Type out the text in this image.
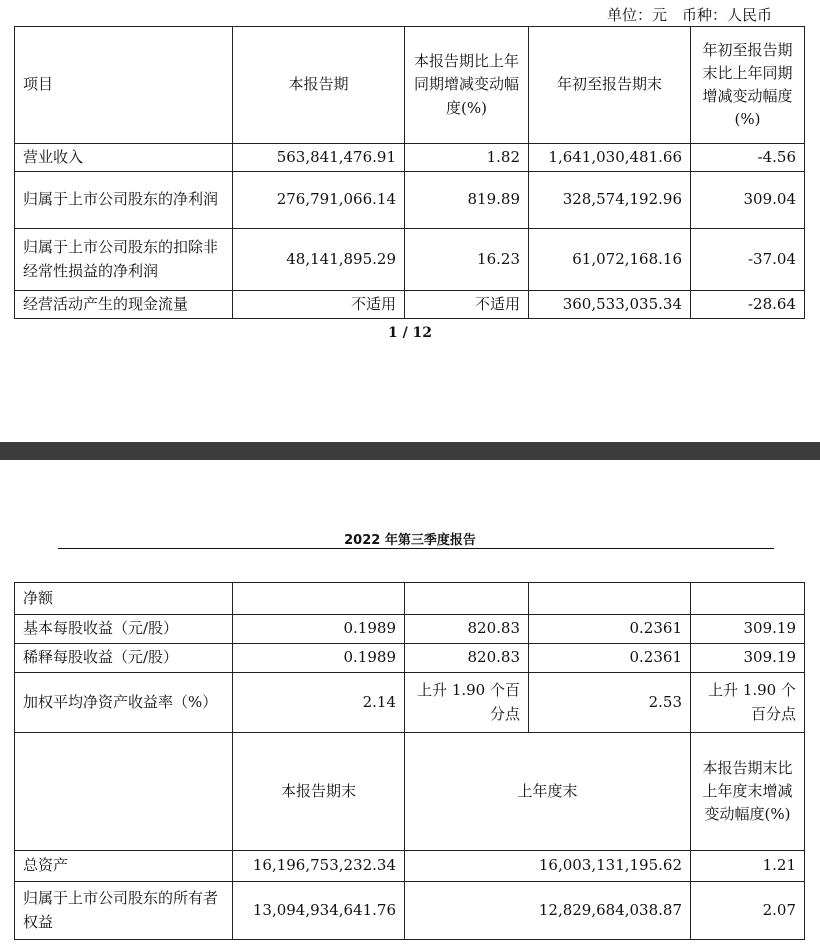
单位：元　币种：人民币
项目	本报告期	本报告期比上年同期增减变动幅度(%)	年初至报告期末	年初至报告期末比上年同期增减变动幅度(%)
营业收入	563,841,476.91	1.82	1,641,030,481.66	-4.56
归属于上市公司股东的净利润	276,791,066.14	819.89	328,574,192.96	309.04
归属于上市公司股东的扣除非经常性损益的净利润	48,141,895.29	16.23	61,072,168.16	-37.04
经营活动产生的现金流量	不适用	不适用	360,533,035.34	-28.64
1 / 12
2022 年第三季度报告
净额				
基本每股收益（元/股）	0.1989	820.83	0.2361	309.19
稀释每股收益（元/股）	0.1989	820.83	0.2361	309.19
加权平均净资产收益率（%）	2.14	上升 1.90 个百分点	2.53	上升 1.90 个百分点
	本报告期末	上年度末		本报告期末比上年度末增减变动幅度(%)
总资产	16,196,753,232.34	16,003,131,195.62		1.21
归属于上市公司股东的所有者权益	13,094,934,641.76	12,829,684,038.87		2.07
